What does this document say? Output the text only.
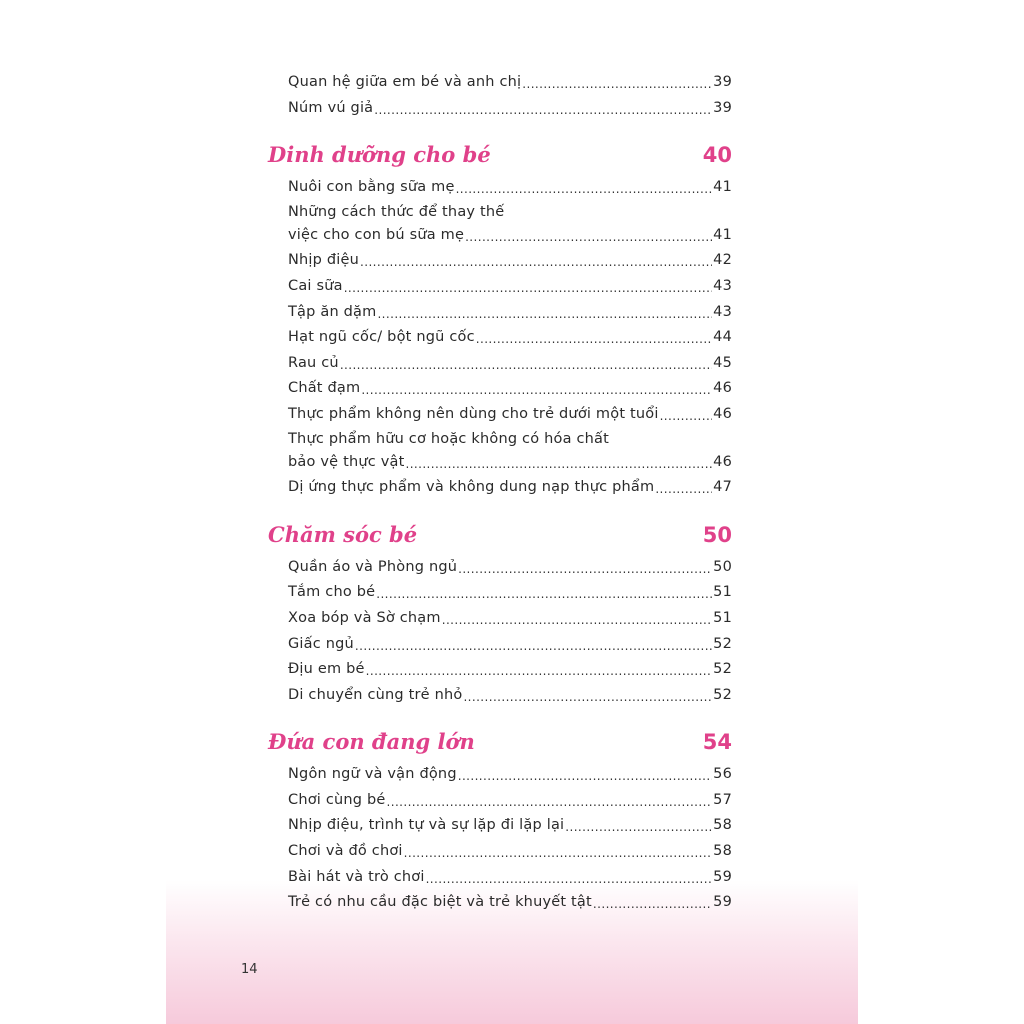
Quan hệ giữa em bé và anh chị .....	39
Núm vú giả .....	39
Dinh dưỡng cho bé	40
Nuôi con bằng sữa mẹ .....	41
Những cách thức để thay thế
việc cho con bú sữa mẹ .....	41
Nhịp điệu .....	42
Cai sữa .....	43
Tập ăn dặm .....	43
Hạt ngũ cốc/ bột ngũ cốc .....	44
Rau củ .....	45
Chất đạm .....	46
Thực phẩm không nên dùng cho trẻ dưới một tuổi .....	46
Thực phẩm hữu cơ hoặc không có hóa chất
bảo vệ thực vật .....	46
Dị ứng thực phẩm và không dung nạp thực phẩm .....	47
Chăm sóc bé	50
Quần áo và Phòng ngủ .....	50
Tắm cho bé .....	51
Xoa bóp và Sờ chạm .....	51
Giấc ngủ .....	52
Địu em bé .....	52
Di chuyển cùng trẻ nhỏ .....	52
Đứa con đang lớn	54
Ngôn ngữ và vận động .....	56
Chơi cùng bé .....	57
Nhịp điệu, trình tự và sự lặp đi lặp lại .....	58
Chơi và đồ chơi .....	58
Bài hát và trò chơi .....	59
Trẻ có nhu cầu đặc biệt và trẻ khuyết tật .....	59
14
